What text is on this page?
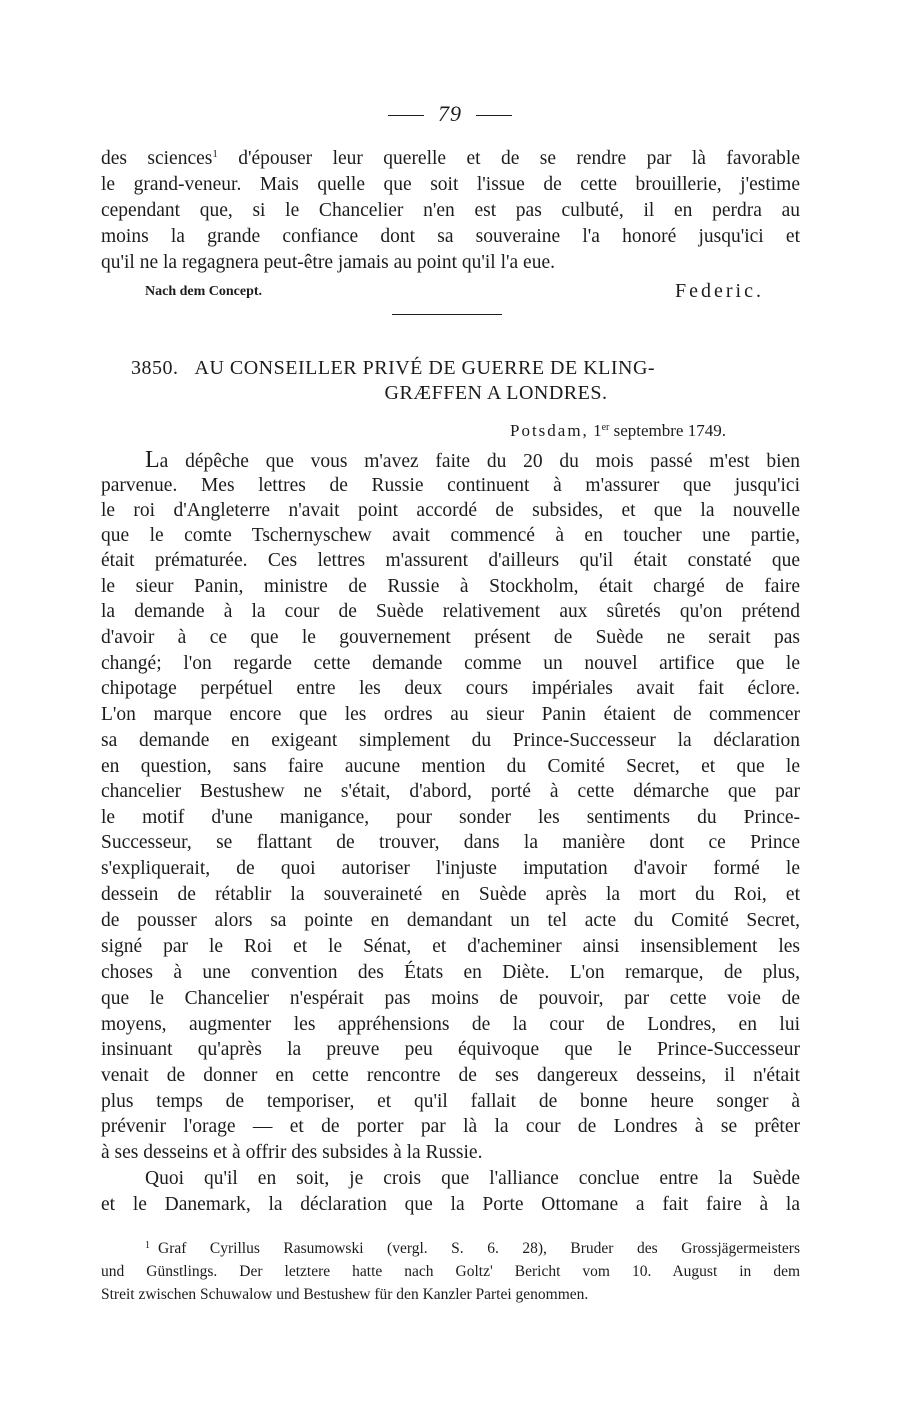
79
des sciences$^1$ d'épouser leur querelle et de se rendre par là favorable
le grand-veneur. Mais quelle que soit l'issue de cette brouillerie, j'estime
cependant que, si le Chancelier n'en est pas culbuté, il en perdra au
moins la grande confiance dont sa souveraine l'a honoré jusqu'ici et
qu'il ne la regagnera peut-être jamais au point qu'il l'a eue.
Nach dem Concept.	Federic.
3850. AU CONSEILLER PRIVÉ DE GUERRE DE KLING-
GRÆFFEN A LONDRES.
Potsdam, 1er septembre 1749.
La dépêche que vous m'avez faite du 20 du mois passé m'est bien
parvenue. Mes lettres de Russie continuent à m'assurer que jusqu'ici
le roi d'Angleterre n'avait point accordé de subsides, et que la nouvelle
que le comte Tschernyschew avait commencé à en toucher une partie,
était prématurée. Ces lettres m'assurent d'ailleurs qu'il était constaté que
le sieur Panin, ministre de Russie à Stockholm, était chargé de faire
la demande à la cour de Suède relativement aux sûretés qu'on prétend
d'avoir à ce que le gouvernement présent de Suède ne serait pas
changé; l'on regarde cette demande comme un nouvel artifice que le
chipotage perpétuel entre les deux cours impériales avait fait éclore.
L'on marque encore que les ordres au sieur Panin étaient de commencer
sa demande en exigeant simplement du Prince-Successeur la déclaration
en question, sans faire aucune mention du Comité Secret, et que le
chancelier Bestushew ne s'était, d'abord, porté à cette démarche que par
le motif d'une manigance, pour sonder les sentiments du Prince-
Successeur, se flattant de trouver, dans la manière dont ce Prince
s'expliquerait, de quoi autoriser l'injuste imputation d'avoir formé le
dessein de rétablir la souveraineté en Suède après la mort du Roi, et
de pousser alors sa pointe en demandant un tel acte du Comité Secret,
signé par le Roi et le Sénat, et d'acheminer ainsi insensiblement les
choses à une convention des États en Diète. L'on remarque, de plus,
que le Chancelier n'espérait pas moins de pouvoir, par cette voie de
moyens, augmenter les appréhensions de la cour de Londres, en lui
insinuant qu'après la preuve peu équivoque que le Prince-Successeur
venait de donner en cette rencontre de ses dangereux desseins, il n'était
plus temps de temporiser, et qu'il fallait de bonne heure songer à
prévenir l'orage — et de porter par là la cour de Londres à se prêter
à ses desseins et à offrir des subsides à la Russie.
Quoi qu'il en soit, je crois que l'alliance conclue entre la Suède
et le Danemark, la déclaration que la Porte Ottomane a fait faire à la
$^1$ Graf Cyrillus Rasumowski (vergl. S. 6. 28), Bruder des Grossjägermeisters
und Günstlings. Der letztere hatte nach Goltz' Bericht vom 10. August in dem
Streit zwischen Schuwalow und Bestushew für den Kanzler Partei genommen.
